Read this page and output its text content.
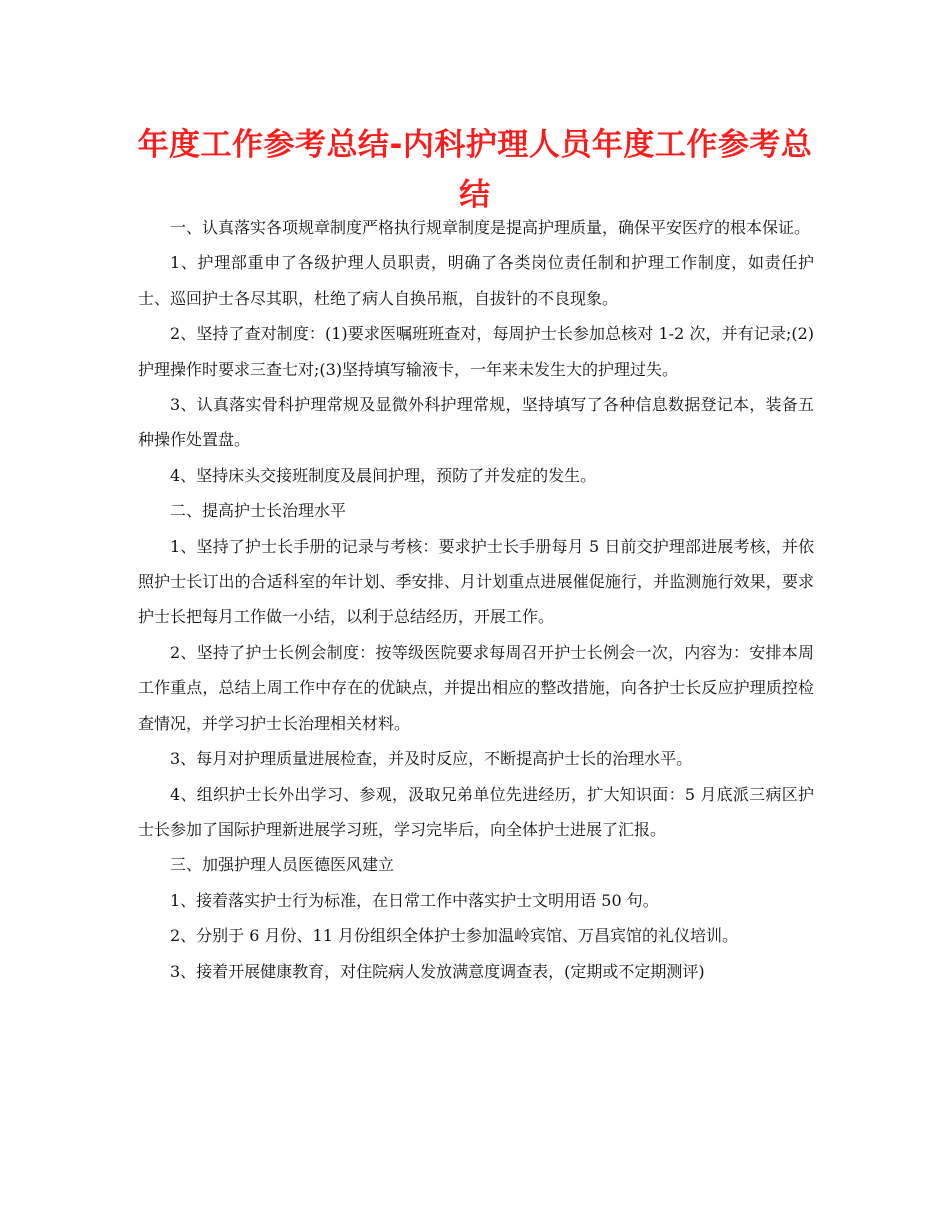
年度工作参考总结-内科护理人员年度工作参考总结

一、认真落实各项规章制度严格执行规章制度是提高护理质量，确保平安医疗的根本保证。

1、护理部重申了各级护理人员职责，明确了各类岗位责任制和护理工作制度，如责任护士、巡回护士各尽其职，杜绝了病人自换吊瓶，自拔针的不良现象。

2、坚持了查对制度：(1)要求医嘱班班查对，每周护士长参加总核对 1-2 次，并有记录;(2)护理操作时要求三查七对;(3)坚持填写输液卡，一年来未发生大的护理过失。

3、认真落实骨科护理常规及显微外科护理常规，坚持填写了各种信息数据登记本，装备五种操作处置盘。

4、坚持床头交接班制度及晨间护理，预防了并发症的发生。

二、提高护士长治理水平

1、坚持了护士长手册的记录与考核：要求护士长手册每月 5 日前交护理部进展考核，并依照护士长订出的合适科室的年计划、季安排、月计划重点进展催促施行，并监测施行效果，要求护士长把每月工作做一小结，以利于总结经历，开展工作。

2、坚持了护士长例会制度：按等级医院要求每周召开护士长例会一次，内容为：安排本周工作重点，总结上周工作中存在的优缺点，并提出相应的整改措施，向各护士长反应护理质控检查情况，并学习护士长治理相关材料。

3、每月对护理质量进展检查，并及时反应，不断提高护士长的治理水平。

4、组织护士长外出学习、参观，汲取兄弟单位先进经历，扩大知识面：5 月底派三病区护士长参加了国际护理新进展学习班，学习完毕后，向全体护士进展了汇报。

三、加强护理人员医德医风建立

1、接着落实护士行为标准，在日常工作中落实护士文明用语 50 句。

2、分别于 6 月份、11 月份组织全体护士参加温岭宾馆、万昌宾馆的礼仪培训。

3、接着开展健康教育，对住院病人发放满意度调查表，(定期或不定期测评)
